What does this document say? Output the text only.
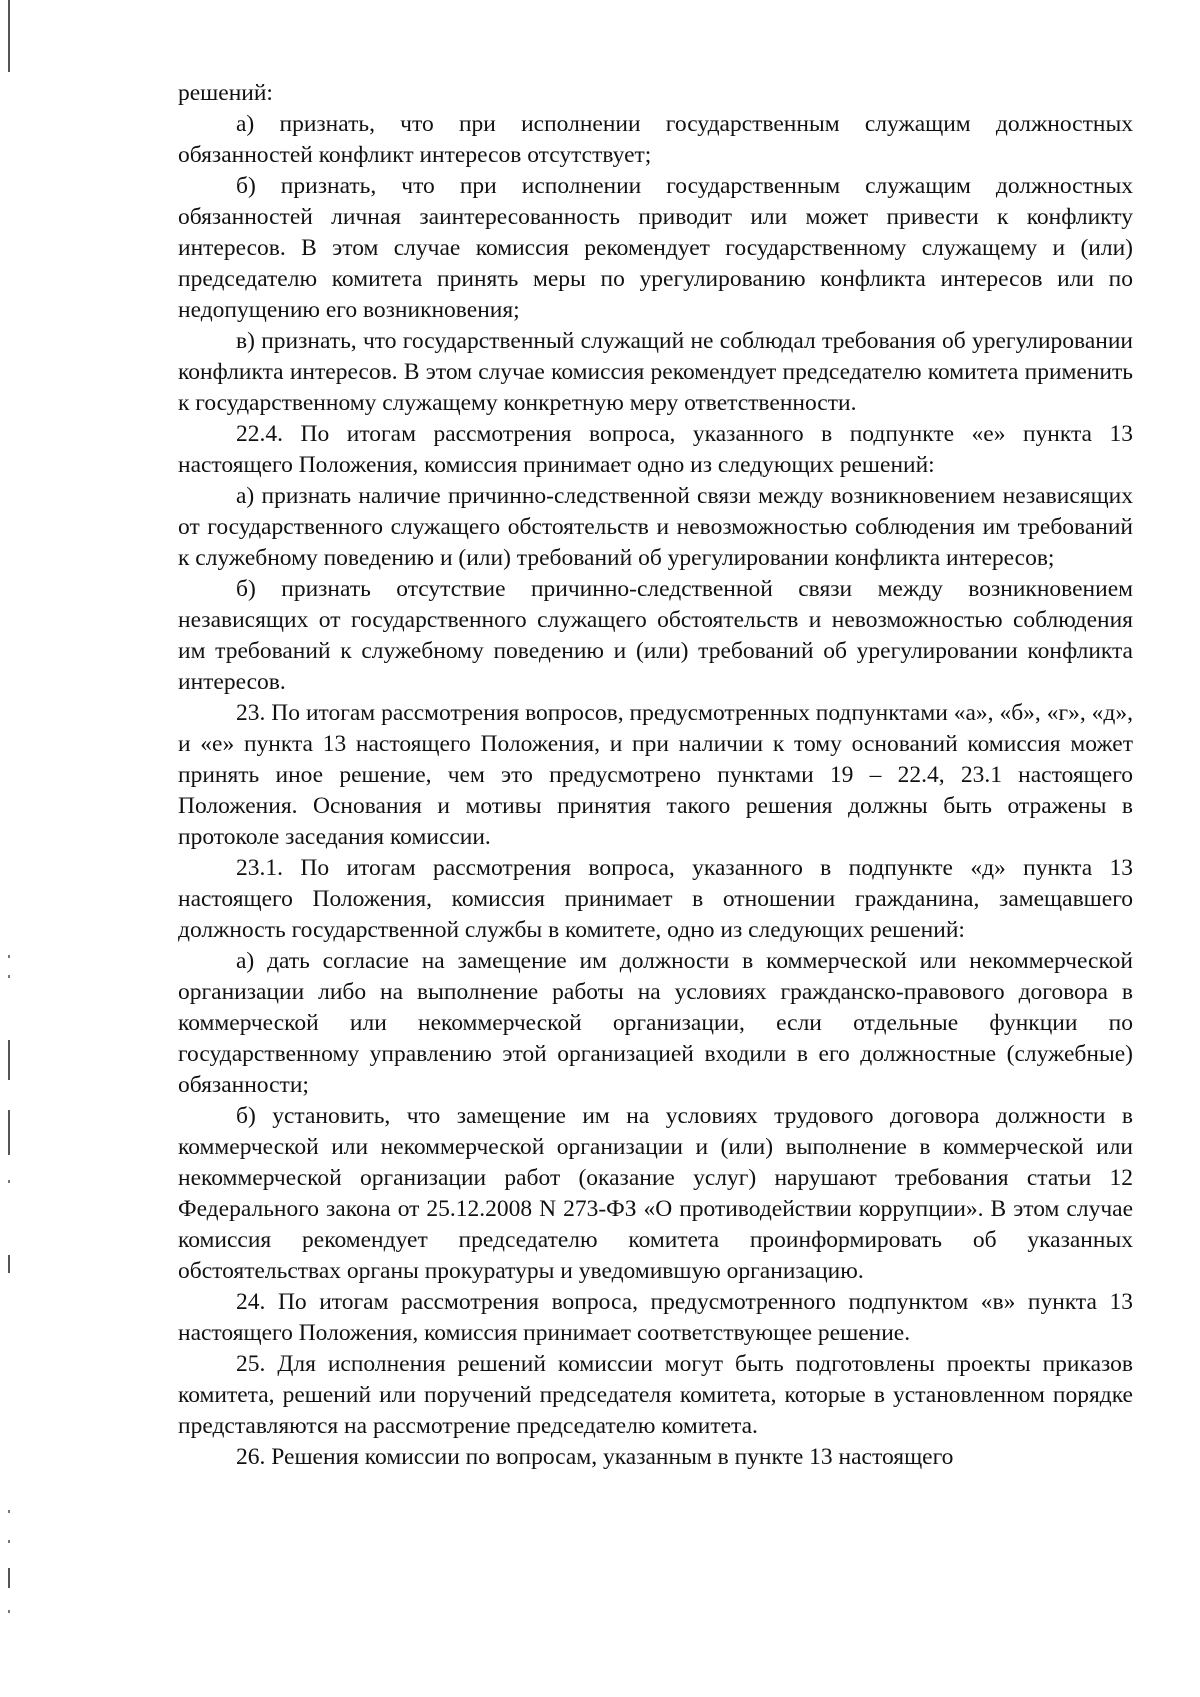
решений:

а) признать, что при исполнении государственным служащим должностных обязанностей конфликт интересов отсутствует;

б) признать, что при исполнении государственным служащим должностных обязанностей личная заинтересованность приводит или может привести к конфликту интересов. В этом случае комиссия рекомендует государственному служащему и (или) председателю комитета принять меры по урегулированию конфликта интересов или по недопущению его возникновения;

в) признать, что государственный служащий не соблюдал требования об урегулировании конфликта интересов. В этом случае комиссия рекомендует председателю комитета применить к государственному служащему конкретную меру ответственности.

22.4. По итогам рассмотрения вопроса, указанного в подпункте «е» пункта 13 настоящего Положения, комиссия принимает одно из следующих решений:

а) признать наличие причинно-следственной связи между возникновением независящих от государственного служащего обстоятельств и невозможностью соблюдения им требований к служебному поведению и (или) требований об урегулировании конфликта интересов;

б) признать отсутствие причинно-следственной связи между возникновением независящих от государственного служащего обстоятельств и невозможностью соблюдения им требований к служебному поведению и (или) требований об урегулировании конфликта интересов.

23. По итогам рассмотрения вопросов, предусмотренных подпунктами «а», «б», «г», «д», и «е» пункта 13 настоящего Положения, и при наличии к тому оснований комиссия может принять иное решение, чем это предусмотрено пунктами 19 – 22.4, 23.1 настоящего Положения. Основания и мотивы принятия такого решения должны быть отражены в протоколе заседания комиссии.

23.1. По итогам рассмотрения вопроса, указанного в подпункте «д» пункта 13 настоящего Положения, комиссия принимает в отношении гражданина, замещавшего должность государственной службы в комитете, одно из следующих решений:

а) дать согласие на замещение им должности в коммерческой или некоммерческой организации либо на выполнение работы на условиях гражданско-правового договора в коммерческой или некоммерческой организации, если отдельные функции по государственному управлению этой организацией входили в его должностные (служебные) обязанности;

б) установить, что замещение им на условиях трудового договора должности в коммерческой или некоммерческой организации и (или) выполнение в коммерческой или некоммерческой организации работ (оказание услуг) нарушают требования статьи 12 Федерального закона от 25.12.2008 N 273-ФЗ «О противодействии коррупции». В этом случае комиссия рекомендует председателю комитета проинформировать об указанных обстоятельствах органы прокуратуры и уведомившую организацию.

24. По итогам рассмотрения вопроса, предусмотренного подпунктом «в» пункта 13 настоящего Положения, комиссия принимает соответствующее решение.

25. Для исполнения решений комиссии могут быть подготовлены проекты приказов комитета, решений или поручений председателя комитета, которые в установленном порядке представляются на рассмотрение председателю комитета.

26. Решения комиссии по вопросам, указанным в пункте 13 настоящего
